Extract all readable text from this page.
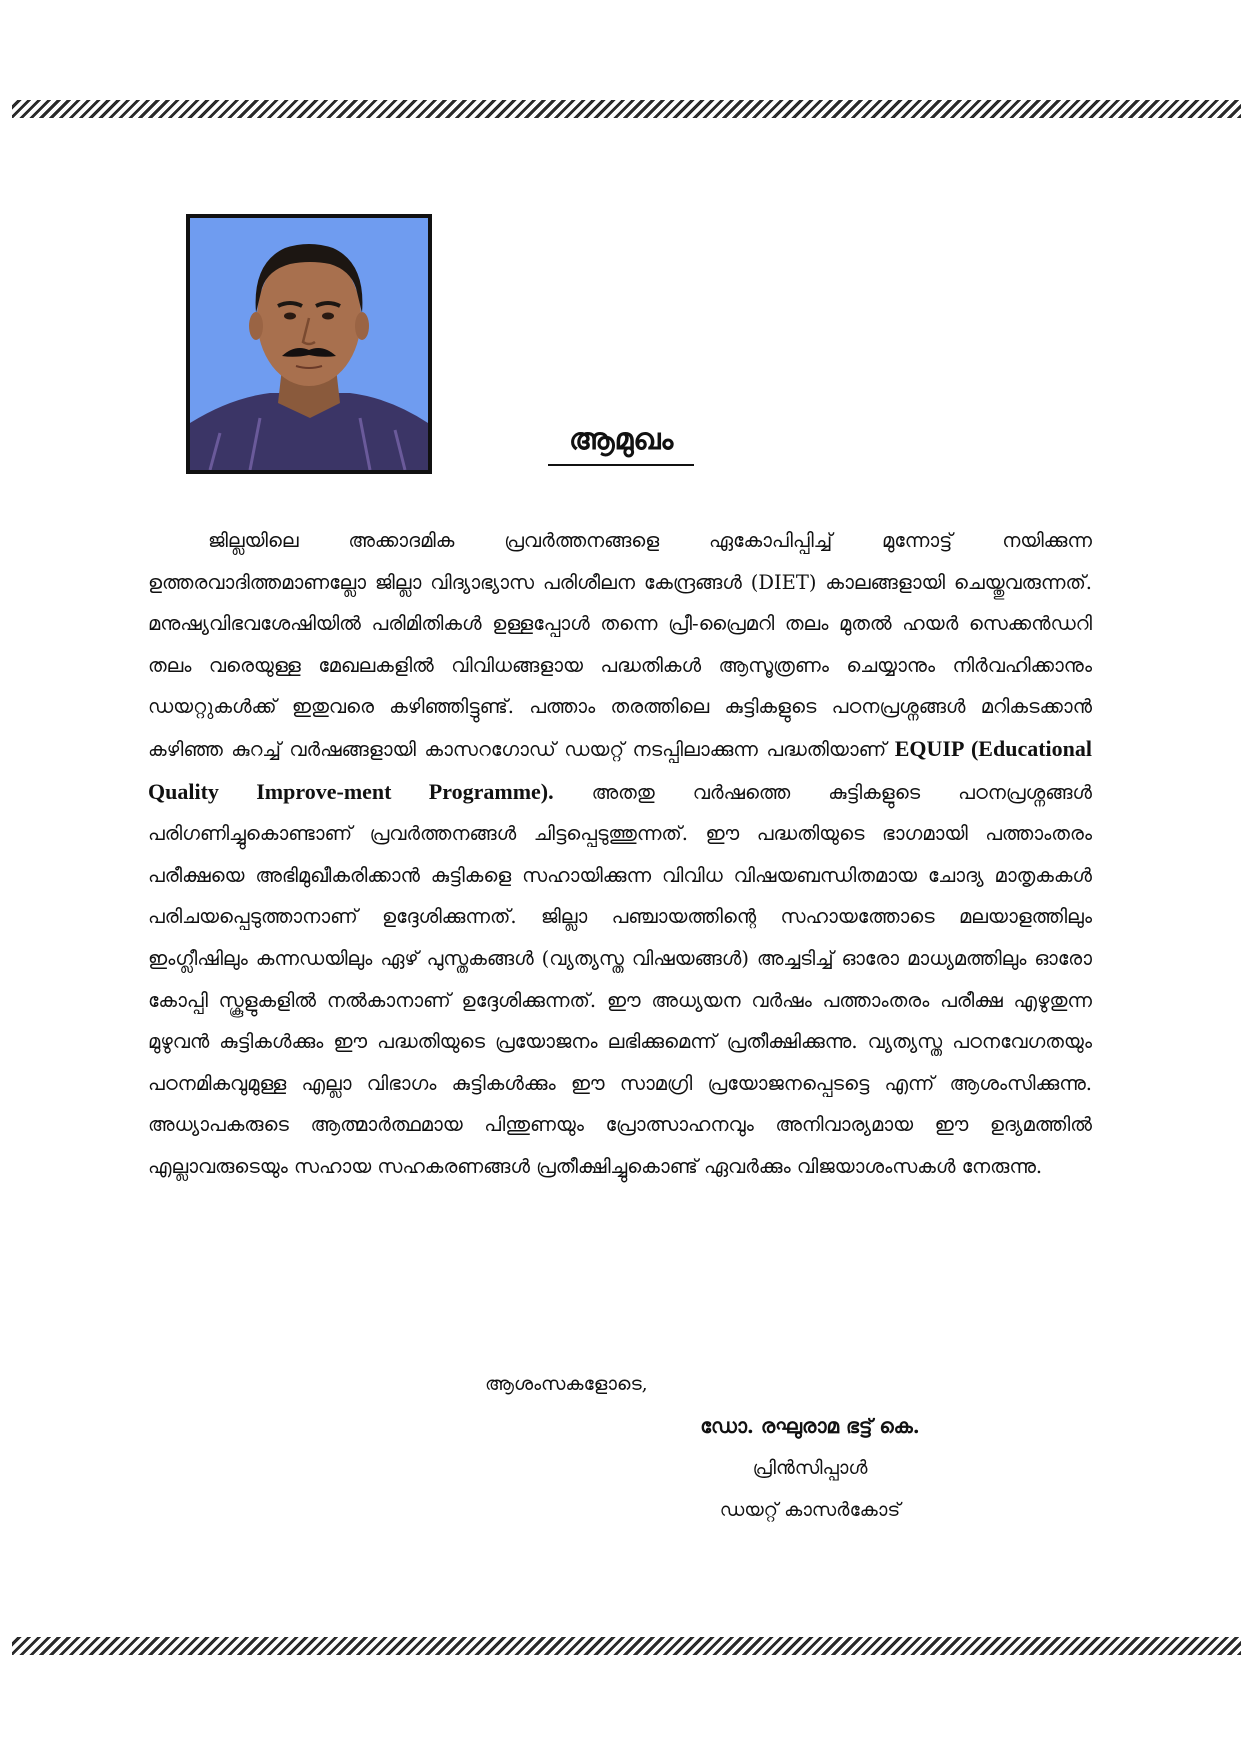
ആമുഖം

ജില്ലയിലെ അക്കാദമിക പ്രവർത്തനങ്ങളെ ഏകോപിപ്പിച്ച് മുന്നോട്ട് നയിക്കുന്ന ഉത്തരവാദിത്തമാണല്ലോ ജില്ലാ വിദ്യാഭ്യാസ പരിശീലന കേന്ദ്രങ്ങൾ (DIET) കാലങ്ങളായി ചെയ്തുവരുന്നത്. മനുഷ്യവിഭവശേഷിയിൽ പരിമിതികൾ ഉള്ളപ്പോൾ തന്നെ പ്രീ-പ്രൈമറി തലം മുതൽ ഹയർ സെക്കൻഡറി തലം വരെയുള്ള മേഖലകളിൽ വിവിധങ്ങളായ പദ്ധതികൾ ആസൂത്രണം ചെയ്യാനും നിർവഹിക്കാനും ഡയറ്റുകൾക്ക് ഇതുവരെ കഴിഞ്ഞിട്ടുണ്ട്. പത്താം തരത്തിലെ കുട്ടികളുടെ പഠനപ്രശ്നങ്ങൾ മറികടക്കാൻ കഴിഞ്ഞ കുറച്ച് വർഷങ്ങളായി കാസറഗോഡ് ഡയറ്റ് നടപ്പിലാക്കുന്ന പദ്ധതിയാണ് EQUIP (Educational Quality Improve-ment Programme). അതതു വർഷത്തെ കുട്ടികളുടെ പഠനപ്രശ്നങ്ങൾ പരിഗണിച്ചുകൊണ്ടാണ് പ്രവർത്തനങ്ങൾ ചിട്ടപ്പെടുത്തുന്നത്. ഈ പദ്ധതിയുടെ ഭാഗമായി പത്താംതരം പരീക്ഷയെ അഭിമുഖീകരിക്കാൻ കുട്ടികളെ സഹായിക്കുന്ന വിവിധ വിഷയബന്ധിതമായ ചോദ്യ മാതൃകകൾ പരിചയപ്പെടുത്താനാണ് ഉദ്ദേശിക്കുന്നത്. ജില്ലാ പഞ്ചായത്തിന്റെ സഹായത്തോടെ മലയാളത്തിലും ഇംഗ്ലീഷിലും കന്നഡയിലും ഏഴ് പുസ്തകങ്ങൾ (വ്യത്യസ്ത വിഷയങ്ങൾ) അച്ചടിച്ച് ഓരോ മാധ്യമത്തിലും ഓരോ കോപ്പി സ്കൂളുകളിൽ നൽകാനാണ് ഉദ്ദേശിക്കുന്നത്. ഈ അധ്യയന വർഷം പത്താംതരം പരീക്ഷ എഴുതുന്ന മുഴുവൻ കുട്ടികൾക്കും ഈ പദ്ധതിയുടെ പ്രയോജനം ലഭിക്കുമെന്ന് പ്രതീക്ഷിക്കുന്നു. വ്യത്യസ്ത പഠനവേഗതയും പഠനമികവുമുള്ള എല്ലാ വിഭാഗം കുട്ടികൾക്കും ഈ സാമഗ്രി പ്രയോജനപ്പെടട്ടെ എന്ന് ആശംസിക്കുന്നു. അധ്യാപകരുടെ ആത്മാർത്ഥമായ പിന്തുണയും പ്രോത്സാഹനവും അനിവാര്യമായ ഈ ഉദ്യമത്തിൽ എല്ലാവരുടെയും സഹായ സഹകരണങ്ങൾ പ്രതീക്ഷിച്ചുകൊണ്ട് ഏവർക്കും വിജയാശംസകൾ നേരുന്നു.

ആശംസകളോടെ,

ഡോ. രഘുരാമ ഭട്ട് കെ.

പ്രിൻസിപ്പാൾ

ഡയറ്റ് കാസർകോട്
